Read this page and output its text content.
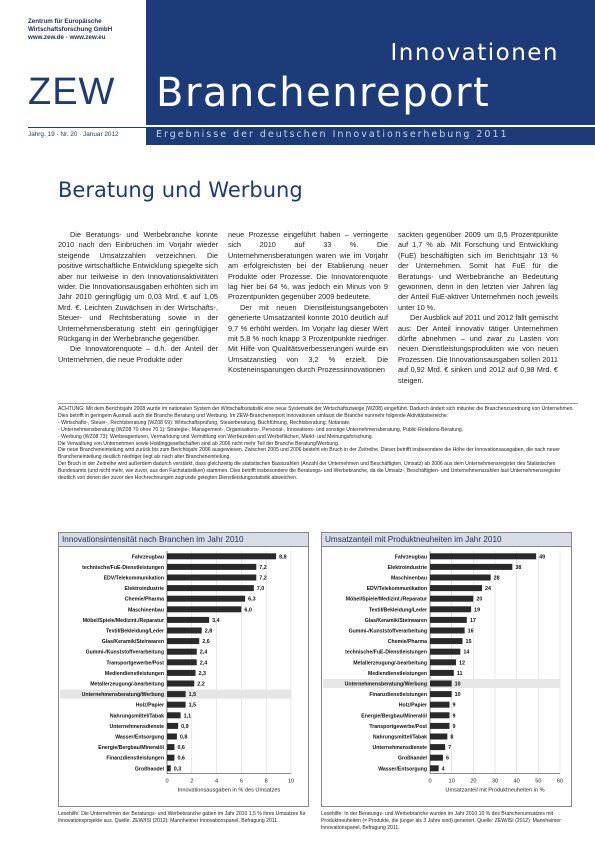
Zentrum für Europäische
Wirtschaftsforschung GmbH
www.zew.de · www.zew.eu
ZEW
Innovationen
Branchenreport
Ergebnisse der deutschen Innovationserhebung 2011
Jahrg. 19 · Nr. 20 · Januar 2012
Beratung und Werbung

Die Beratungs- und Werbebranche konnte 2010 nach den Einbrüchen im Vorjahr wieder steigende Umsatzzahlen verzeichnen. Die positive wirtschaftliche Entwicklung spiegelte sich aber nur teilweise in den Innovationsaktivitäten wider. Die Innovationsausgaben erhöhten sich im Jahr 2010 geringfügig um 0,03 Mrd. € auf 1,05 Mrd. €. Leichten Zuwächsen in der Wirtschafts-, Steuer- und Rechtsberatung sowie in der Unternehmensberatung steht ein geringfügiger Rückgang in der Werbebranche gegenüber.

Die Innovatorenquote – d.h. der Anteil der Unternehmen, die neue Produkte oder

neue Prozesse eingeführt haben – verringerte sich 2010 auf 33 %. Die Unternehmensberatungen waren wie im Vorjahr am erfolgreichsten bei der Etablierung neuer Produkte oder Prozesse. Die Innovatorenquote lag hier bei 64 %, was jedoch ein Minus von 9 Prozentpunkten gegenüber 2009 bedeutete.

Der mit neuen Dienstleistungsangeboten generierte Umsatzanteil konnte 2010 deutlich auf 9,7 % erhöht werden. Im Vorjahr lag dieser Wert mit 5,8 % noch knapp 3 Prozentpunkte niedriger. Mit Hilfe von Qualitätsverbesserungen wurde ein Umsatzanstieg von 3,2 % erzielt. Die Kosteneinsparungen durch Prozessinnovationen

sackten gegenüber 2009 um 0,5 Prozentpunkte auf 1,7 % ab. Mit Forschung und Entwicklung (FuE) beschäftigten sich im Berichtsjahr 13 % der Unternehmen. Somit hat FuE für die Beratungs- und Werbebranche an Bedeutung gewonnen, denn in den letzten vier Jahren lag der Anteil FuE-aktiver Unternehmen noch jeweils unter 10 %.

Der Ausblick auf 2011 und 2012 fällt gemischt aus: Der Anteil innovativ tätiger Unternehmen dürfte abnehmen – und zwar zu Lasten von neuen Dienstleistungsprodukten wie von neuen Prozessen. Die Innovationsausgaben sollen 2011 auf 0,92 Mrd. € sinken und 2012 auf 0,98 Mrd. € steigen.

ACHTUNG: Mit dem Berichtsjahr 2008 wurde im nationalen System der Wirtschaftsstatistik eine neue Systematik der Wirtschaftszweige (WZ08) eingeführt. Dadurch ändert sich mitunter die Branchenzuordnung von Unternehmen. Dies betrifft in geringem Ausmaß auch die Branche Beratung und Werbung. Im ZEW-Branchenreport Innovationen umfasst die Branche nunmehr folgende Aktivitätsbereiche:
- Wirtschafts-, Steuer-, Rechtsberatung (WZ08 69): Wirtschaftsprüfung, Steuerberatung, Buchführung, Rechtsberatung, Notariate.
- Unternehmensberatung (WZ08 70 ohne 70.1): Strategie-, Management-, Organisations-, Personal-, Innovations- und sonstige Unternehmensberatung, Public-Relations-Beratung.
- Werbung (WZ08 73): Werbeagenturen, Vermarktung und Vermittlung von Werbezeiten und Werbeflächen, Markt- und Meinungsforschung.
Die Verwaltung von Unternehmen sowie Holdinggesellschaften sind ab 2006 nicht mehr Teil der Branche Beratung/Werbung.
Die neue Brancheneinteilung wird zurück bis zum Berichtsjahr 2006 ausgewiesen. Zwischen 2005 und 2006 besteht ein Bruch in der Zeitreihe. Dieser betrifft insbesondere die Höhe der Innovationsausgaben, die nach neuer Brancheneinteilung deutlich niedriger liegt als nach alter Brancheneinteilung.
Der Bruch in der Zeitreihe wird außerdem dadurch verstärkt, dass gleichzeitig die statistischen Basiszahlen (Anzahl der Unternehmen und Beschäftigten, Umsatz) ab 2006 aus dem Unternehmensregister des Statistischen Bundesamts (und nicht mehr, wie zuvor, aus den Fachstatistiken) stammen. Dies betrifft insbesondere die Beratungs- und Werbebranche, da die Umsatz-, Beschäftigten- und Unternehmenszahlen laut Unternehmensregister deutlich von denen der zuvor den Hochrechnungen zugrunde gelegten Dienstleistungsstatistik abweichen.
Innovationsintensität nach Branchen im Jahr 2010
0	2	4	6	8	10
Fahrzeugbau	8,8
technische/FuE-Dienstleistungen	7,2
EDV/Telekommunikation	7,2
Elektroindustrie	7,0
Chemie/Pharma	6,3
Maschinenbau	6,0
Möbel/Spiele/Medizint./Reparatur	3,4
Textil/Bekleidung/Leder	2,8
Glas/Keramik/Steinwaren	2,6
Gummi-/Kunststoffverarbeitung	2,4
Transportgewerbe/Post	2,4
Mediendienstleistungen	2,3
Metallerzeugung/-bearbeitung	2,2
Unternehmensberatung/Werbung	1,5
Holz/Papier	1,5
Nahrungsmittel/Tabak	1,1
Unternehmensdienste	0,9
Wasser/Entsorgung	0,8
Energie/Bergbau/Mineralöl 0,6
Finanzdienstleistungen 0,6
Großhandel 0,3
Innovationsausgaben in % des Umsatzes
Umsatzanteil mit Produktneuheiten im Jahr 2010
0	10	20	30	40	50	60
Fahrzeugbau	49
Elektroindustrie	38
Maschinenbau	28
EDV/Telekommunikation	24
Möbel/Spiele/Medizint./Reparatur	20
Textil/Bekleidung/Leder	19
Glas/Keramik/Steinwaren	17
Gummi-/Kunststoffverarbeitung	16
Chemie/Pharma	15
technische/FuE-Dienstleistungen	14
Metallerzeugung/-bearbeitung	12
Mediendienstleistungen	11
Unternehmensberatung/Werbung	10
Finanzdienstleistungen	10
Holz/Papier	9
Energie/Bergbau/Mineralöl	9
Transportgewerbe/Post	9
Nahrungsmittel/Tabak	8
Unternehmensdienste	7
Großhandel	6
Wasser/Entsorgung	4
Umsatzanteil mit Produktneuheiten in %
Lesehilfe: Die Unternehmen der Beratungs- und Werbebranche gaben im Jahr 2010 1,5 % ihres Umsatzes für Innovationsprojekte aus. Quelle: ZEW/ISI (2012): Mannheimer Innovationspanel, Befragung 2011.
Lesehilfe: In der Beratungs- und Werbebranche wurden im Jahr 2010 10 % des Branchenumsatzes mit Produktneuheiten (= Produkte, die jünger als 3 Jahre sind) generiert. Quelle: ZEW/ISI (2012): Mannheimer Innovationspanel, Befragung 2011.
